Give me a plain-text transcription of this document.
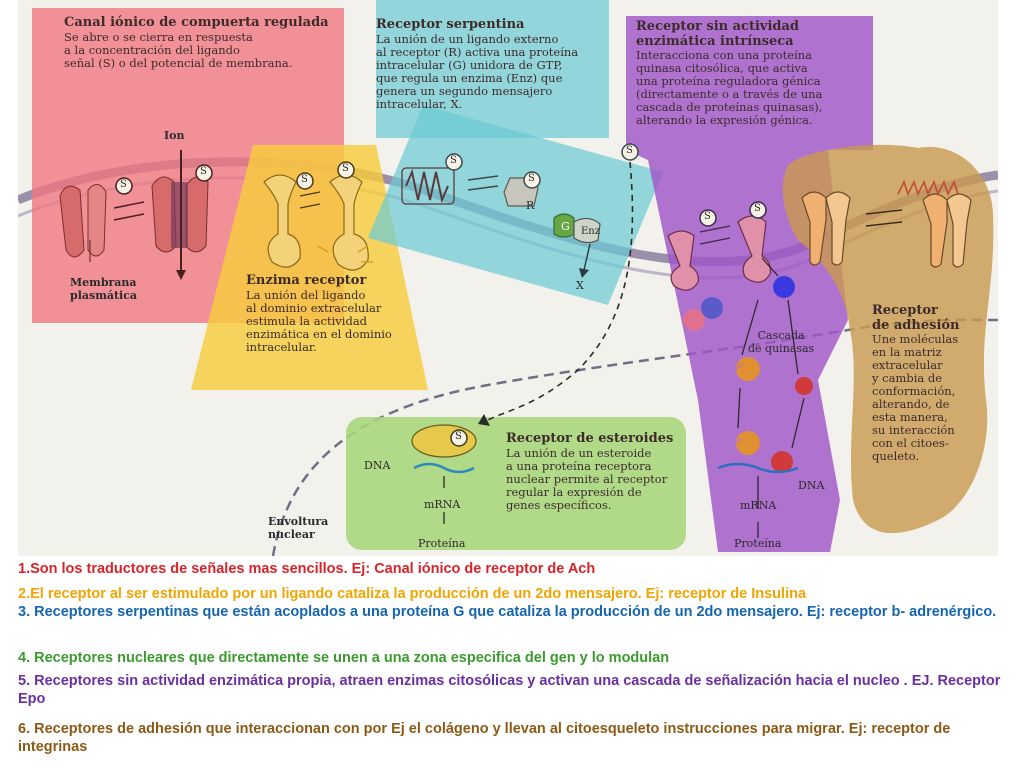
Canal iónico de compuerta regulada
Se abre o se cierra en respuesta
a la concentración del ligando
señal (S) o del potencial de membrana.
Receptor serpentina
La unión de un ligando externo
al receptor (R) activa una proteína
intracelular (G) unidora de GTP,
que regula un enzima (Enz) que
genera un segundo mensajero
intracelular, X.
Receptor sin actividad
enzimática intrínseca
Interacciona con una proteína
quinasa citosólica, que activa
una proteína reguladora génica
(directamente o a través de una
cascada de proteínas quinasas),
alterando la expresión génica.
Enzima receptor
La unión del ligando
al dominio extracelular
estimula la actividad
enzimática en el dominio
intracelular.
Receptor de esteroides
La unión de un esteroide
a una proteína receptora
nuclear permite al receptor
regular la expresión de
genes específicos.
Receptor
de adhesión
Une moléculas
en la matriz
extracelular
y cambia de
conformación,
alterando, de
esta manera,
su interacción
con el citoes-
queleto.
Ion
Membrana
plasmática
Envoltura
nuclear
S
S
S
S
S
S
S
S
S
S
R
G Enz
X
Cascada
de quinasas
DNA
mRNA
Proteína
DNA
mRNA
Proteína
1.Son los traductores de señales mas sencillos. Ej: Canal iónico de receptor de Ach
2.El receptor al ser estimulado por un ligando cataliza la producción de un 2do mensajero. Ej: receptor de Insulina
3. Receptores serpentinas que están acoplados a una proteína G que cataliza la producción de un 2do mensajero. Ej: receptor b- adrenérgico.
4. Receptores nucleares que directamente se unen a una zona especifica del gen y lo modulan
5. Receptores sin actividad enzimática propia, atraen enzimas citosólicas y activan una cascada de señalización hacia el nucleo . EJ. Receptor Epo
6. Receptores de adhesión que interaccionan con por Ej el colágeno y llevan al citoesqueleto instrucciones para migrar. Ej: receptor de integrinas
